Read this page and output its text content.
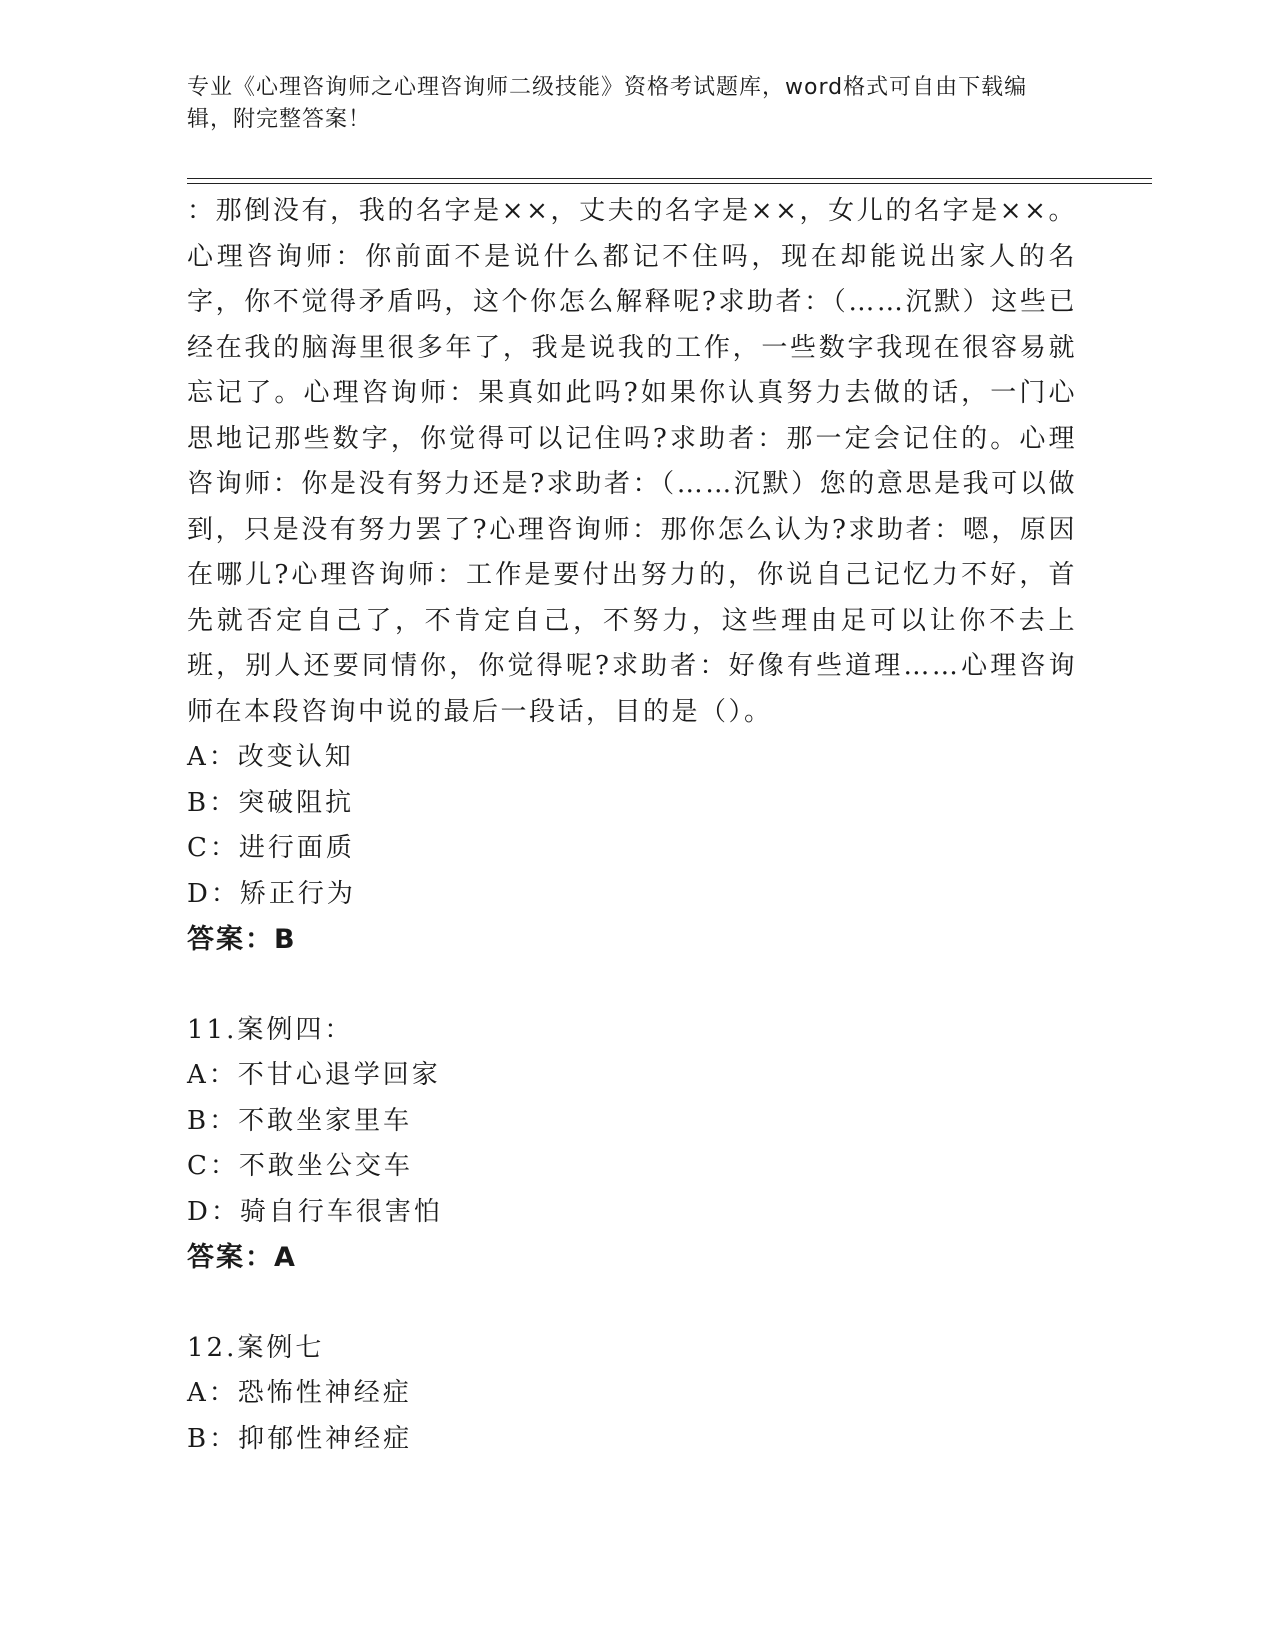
专业《心理咨询师之心理咨询师二级技能》资格考试题库，word格式可自由下载编辑，附完整答案！

：那倒没有，我的名字是××，丈夫的名字是××，女儿的名字是××。心理咨询师：你前面不是说什么都记不住吗，现在却能说出家人的名字，你不觉得矛盾吗，这个你怎么解释呢?求助者：（……沉默）这些已经在我的脑海里很多年了，我是说我的工作，一些数字我现在很容易就忘记了。心理咨询师：果真如此吗?如果你认真努力去做的话，一门心思地记那些数字，你觉得可以记住吗?求助者：那一定会记住的。心理咨询师：你是没有努力还是?求助者：（……沉默）您的意思是我可以做到，只是没有努力罢了?心理咨询师：那你怎么认为?求助者：嗯，原因在哪儿?心理咨询师：工作是要付出努力的，你说自己记忆力不好，首先就否定自己了，不肯定自己，不努力，这些理由足可以让你不去上班，别人还要同情你，你觉得呢?求助者：好像有些道理……心理咨询师在本段咨询中说的最后一段话，目的是（）。

A：改变认知

B：突破阻抗

C：进行面质

D：矫正行为

答案：B

11.案例四：

A：不甘心退学回家

B：不敢坐家里车

C：不敢坐公交车

D：骑自行车很害怕

答案：A

12.案例七

A：恐怖性神经症

B：抑郁性神经症
